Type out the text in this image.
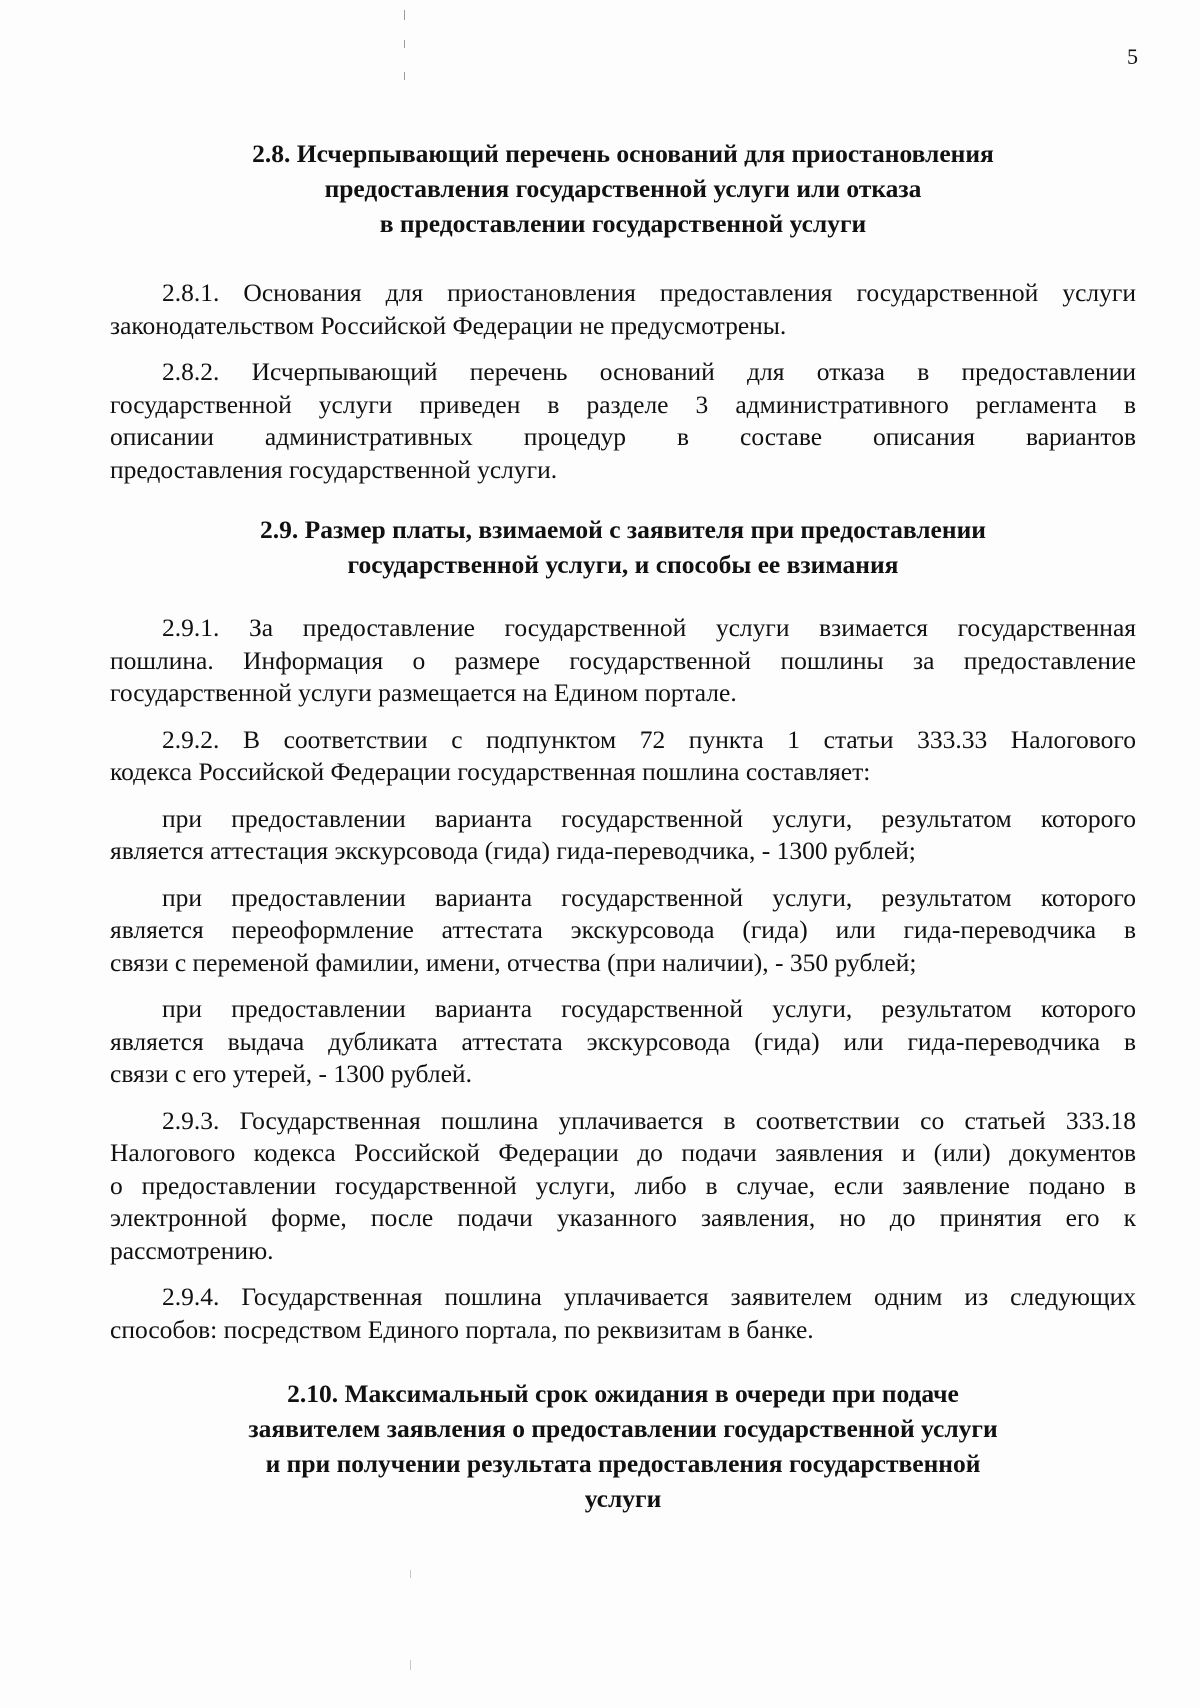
5
2.8. Исчерпывающий перечень оснований для приостановления
предоставления государственной услуги или отказа
в предоставлении государственной услуги

2.8.1. Основания для приостановления предоставления государственной услуги
законодательством Российской Федерации не предусмотрены.

2.8.2. Исчерпывающий перечень оснований для отказа в предоставлении
государственной услуги приведен в разделе 3 административного регламента в
описании административных процедур в составе описания вариантов
предоставления государственной услуги.

2.9. Размер платы, взимаемой с заявителя при предоставлении
государственной услуги, и способы ее взимания

2.9.1. За предоставление государственной услуги взимается государственная
пошлина. Информация о размере государственной пошлины за предоставление
государственной услуги размещается на Едином портале.

2.9.2. В соответствии с подпунктом 72 пункта 1 статьи 333.33 Налогового
кодекса Российской Федерации государственная пошлина составляет:

при предоставлении варианта государственной услуги, результатом которого
является аттестация экскурсовода (гида) гида-переводчика, - 1300 рублей;

при предоставлении варианта государственной услуги, результатом которого
является переоформление аттестата экскурсовода (гида) или гида-переводчика в
связи с переменой фамилии, имени, отчества (при наличии), - 350 рублей;

при предоставлении варианта государственной услуги, результатом которого
является выдача дубликата аттестата экскурсовода (гида) или гида-переводчика в
связи с его утерей, - 1300 рублей.

2.9.3. Государственная пошлина уплачивается в соответствии со статьей 333.18
Налогового кодекса Российской Федерации до подачи заявления и (или) документов
о предоставлении государственной услуги, либо в случае, если заявление подано в
электронной форме, после подачи указанного заявления, но до принятия его к
рассмотрению.

2.9.4. Государственная пошлина уплачивается заявителем одним из следующих
способов: посредством Единого портала, по реквизитам в банке.

2.10. Максимальный срок ожидания в очереди при подаче
заявителем заявления о предоставлении государственной услуги
и при получении результата предоставления государственной
услуги
